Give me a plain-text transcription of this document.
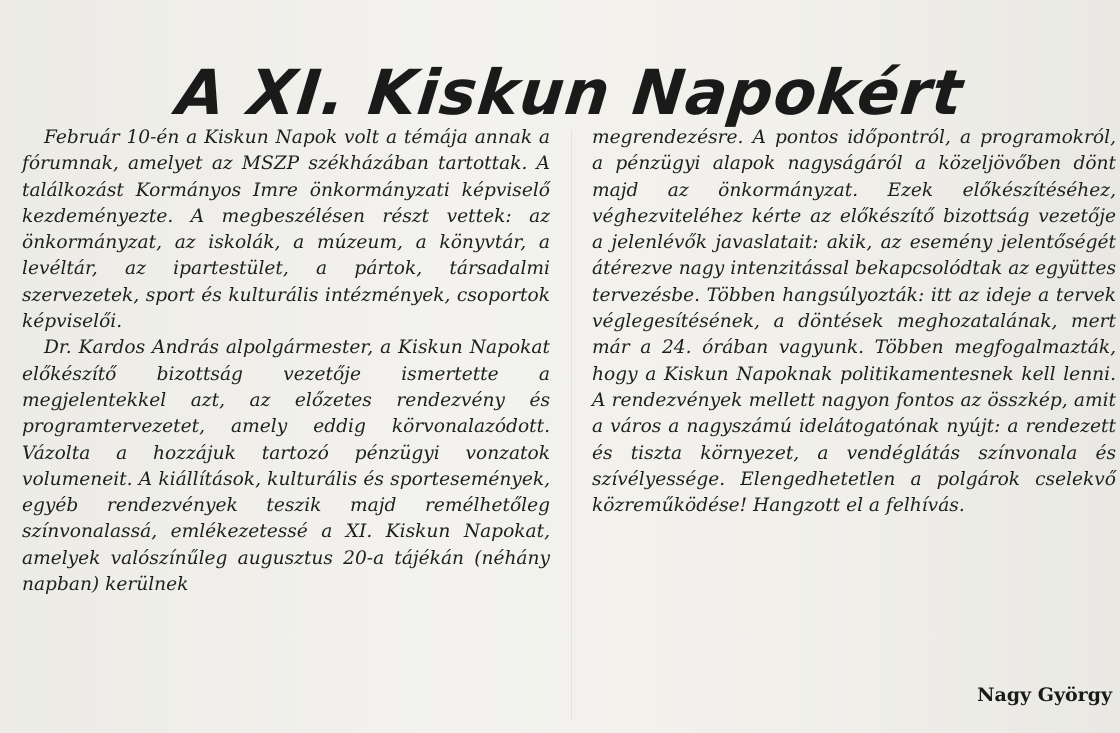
A XI. Kiskun Napokért

Február 10-én a Kiskun Napok volt a témája annak a fórumnak, amelyet az MSZP székházában tartottak. A találkozást Kormányos Imre önkormányzati képviselő kezdeményezte. A megbeszélésen részt vettek: az önkormányzat, az iskolák, a múzeum, a könyvtár, a levéltár, az ipartestület, a pártok, társadalmi szervezetek, sport és kulturális intézmények, csoportok képviselői.

Dr. Kardos András alpolgármester, a Kiskun Napokat előkészítő bizottság vezetője ismertette a megjelentekkel azt, az előzetes rendezvény és programtervezetet, amely eddig körvonalazódott. Vázolta a hozzájuk tartozó pénzügyi vonzatok volumeneit. A kiállítások, kulturális és sportesemények, egyéb rendezvények teszik majd remélhetőleg színvonalassá, emlékezetessé a XI. Kiskun Napokat, amelyek valószínűleg augusztus 20-a tájékán (néhány napban) kerülnek

megrendezésre. A pontos időpontról, a programokról, a pénzügyi alapok nagyságáról a közeljövőben dönt majd az önkormányzat. Ezek előkészítéséhez, véghezviteléhez kérte az előkészítő bizottság vezetője a jelenlévők javaslatait: akik, az esemény jelentőségét átérezve nagy intenzitással bekapcsolódtak az együttes tervezésbe. Többen hangsúlyozták: itt az ideje a tervek véglegesítésének, a döntések meghozatalának, mert már a 24. órában vagyunk. Többen megfogalmazták, hogy a Kiskun Napoknak politikamentesnek kell lenni. A rendezvények mellett nagyon fontos az összkép, amit a város a nagyszámú idelátogatónak nyújt: a rendezett és tiszta környezet, a vendéglátás színvonala és szívélyessége. Elengedhetetlen a polgárok cselekvő közreműködése! Hangzott el a felhívás.

Nagy György
